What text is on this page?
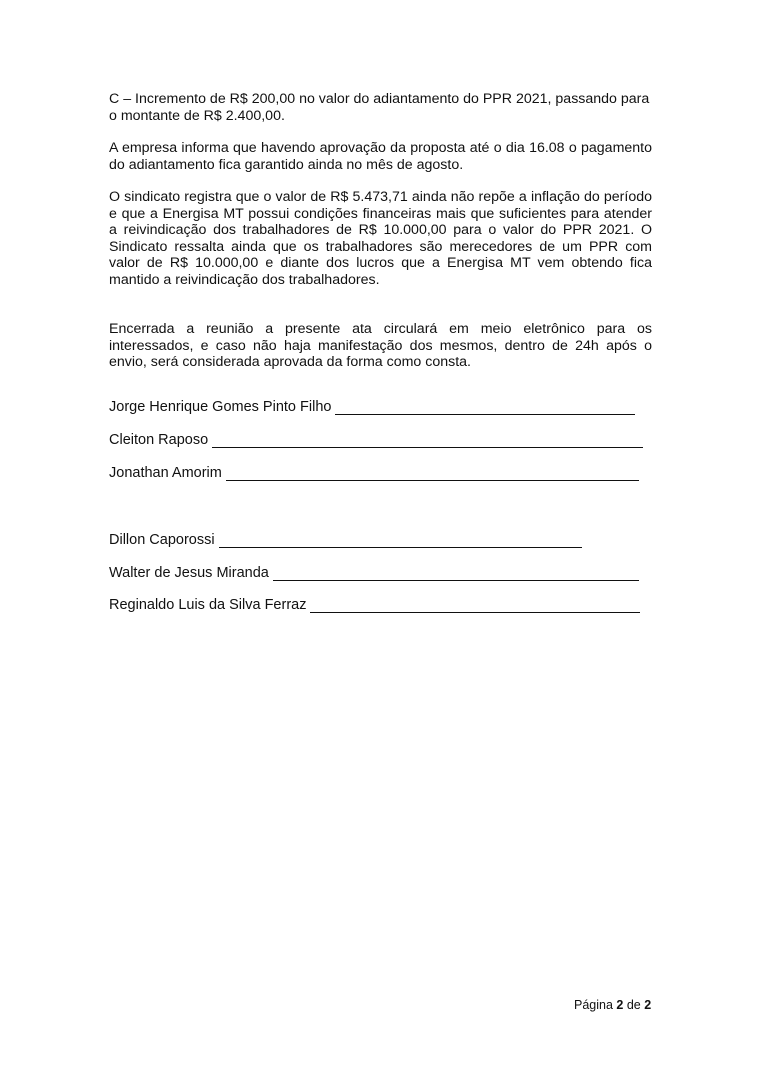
C – Incremento de R$ 200,00 no valor do adiantamento do PPR 2021, passando para o montante de R$ 2.400,00.

A empresa informa que havendo aprovação da proposta até o dia 16.08 o pagamento do adiantamento fica garantido ainda no mês de agosto.

O sindicato registra que o valor de R$ 5.473,71 ainda não repõe a inflação do período e que a Energisa MT possui condições financeiras mais que suficientes para atender a reivindicação dos trabalhadores de R$ 10.000,00 para o valor do PPR 2021. O Sindicato ressalta ainda que os trabalhadores são merecedores de um PPR com valor de R$ 10.000,00 e diante dos lucros que a Energisa MT vem obtendo fica mantido a reivindicação dos trabalhadores.

Encerrada a reunião a presente ata circulará em meio eletrônico para os interessados, e caso não haja manifestação dos mesmos, dentro de 24h após o envio, será considerada aprovada da forma como consta.

Jorge Henrique Gomes Pinto Filho
Cleiton Raposo
Jonathan Amorim
Dillon Caporossi
Walter de Jesus Miranda
Reginaldo Luis da Silva Ferraz
Página 2 de 2
